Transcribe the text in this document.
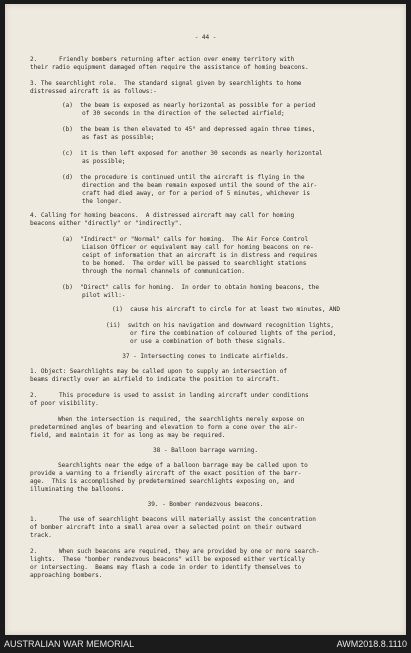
- 44 -
2.      Friendly bombers returning after action over enemy territory with
their radio equipment damaged often require the assistance of homing beacons.
3. The searchlight role.  The standard signal given by searchlights to home
distressed aircraft is as follows:-
(a)  the beam is exposed as nearly horizontal as possible for a period
of 30 seconds in the direction of the selected airfield;
(b)  the beam is then elevated to 45° and depressed again three times,
as fast as possible;
(c)  it is then left exposed for another 30 seconds as nearly horizontal
as possible;
(d)  the procedure is continued until the aircraft is flying in the
direction and the beam remain exposed until the sound of the air-
craft had died away, or for a period of 5 minutes, whichever is
the longer.
4. Calling for homing beacons.  A distressed aircraft may call for homing
beacons either "directly" or "indirectly".
(a)  "Indirect" or "Normal" calls for homing.  The Air Force Control
Liaison Officer or equivalent may call for homing beacons on re-
ceipt of information that an aircraft is in distress and requires
to be homed.  The order will be passed to searchlight stations
through the normal channels of communication.
(b)  "Direct" calls for homing.  In order to obtain homing beacons, the
pilot will:-
(i)  cause his aircraft to circle for at least two minutes, AND
(ii)  switch on his navigation and downward recognition lights,
or fire the combination of coloured lights of the period,
or use a combination of both these signals.
37 - Intersecting cones to indicate airfields.
1. Object: Searchlights may be called upon to supply an intersection of
beams directly over an airfield to indicate the position to aircraft.
2.      This procedure is used to assist in landing aircraft under conditions
of poor visibility.
When the intersection is required, the searchlights merely expose on
predetermined angles of bearing and elevation to form a cone over the air-
field, and maintain it for as long as may be required.
38 - Balloon barrage warning.
Searchlights near the edge of a balloon barrage may be called upon to
provide a warning to a friendly aircraft of the exact position of the barr-
age.  This is accomplished by predetermined searchlights exposing on, and
illuminating the balloons.
39. - Bomber rendezvous beacons.
1.      The use of searchlight beacons will materially assist the concentration
of bomber aircraft into a small area over a selected point on their outward
track.
2.      When such beacons are required, they are provided by one or more search-
lights.  These "bomber rendezvous beacons" will be exposed either vertically
or intersecting.  Beams may flash a code in order to identify themselves to
approaching bombers.
AUSTRALIAN WAR MEMORIAL	AWM2018.8.1110
